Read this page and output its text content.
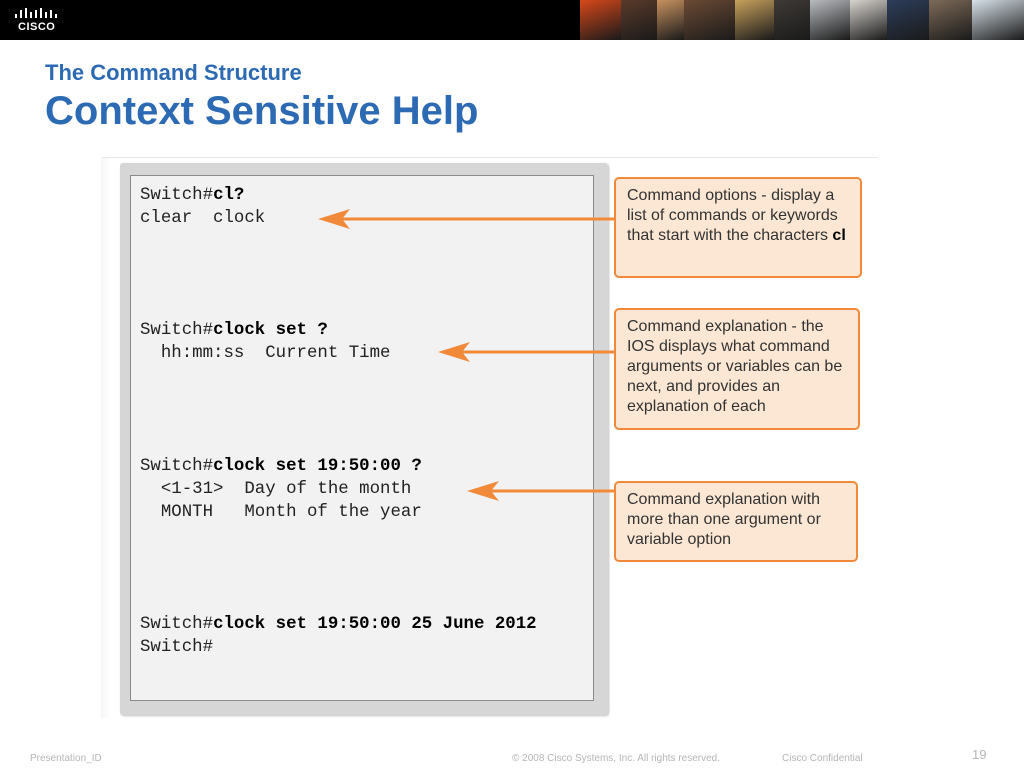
CISCO
The Command Structure
Context Sensitive Help

Switch#cl?

clear  clock

Switch#clock set ?

hh:mm:ss  Current Time

Switch#clock set 19:50:00 ?

<1-31>  Day of the month

MONTH   Month of the year

Switch#clock set 19:50:00 25 June 2012

Switch#

Command options - display a list of commands or keywords that start with the characters cl
Command explanation - the IOS displays what command arguments or variables can be next, and provides an explanation of each
Command explanation with more than one argument or variable option
Presentation_ID	© 2008 Cisco Systems, Inc. All rights reserved.	Cisco Confidential	19
